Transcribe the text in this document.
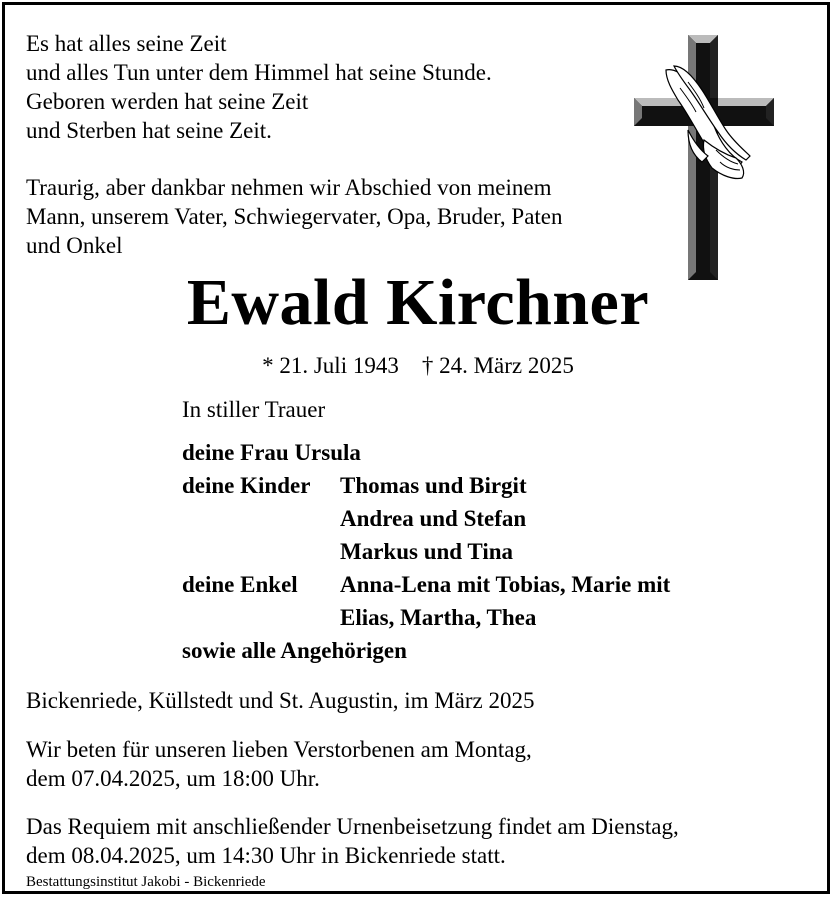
Es hat alles seine Zeit
und alles Tun unter dem Himmel hat seine Stunde.
Geboren werden hat seine Zeit
und Sterben hat seine Zeit.
Traurig, aber dankbar nehmen wir Abschied von meinem
Mann, unserem Vater, Schwiegervater, Opa, Bruder, Paten
und Onkel
Ewald Kirchner
* 21. Juli 1943    † 24. März 2025
In stiller Trauer
deine Frau Ursula
deine Kinder Thomas und Birgit
Andrea und Stefan
Markus und Tina
deine Enkel Anna-Lena mit Tobias, Marie mit
Elias, Martha, Thea
sowie alle Angehörigen
Bickenriede, Küllstedt und St. Augustin, im März 2025
Wir beten für unseren lieben Verstorbenen am Montag,
dem 07.04.2025, um 18:00 Uhr.
Das Requiem mit anschließender Urnenbeisetzung findet am Dienstag,
dem 08.04.2025, um 14:30 Uhr in Bickenriede statt.
Bestattungsinstitut Jakobi - Bickenriede
